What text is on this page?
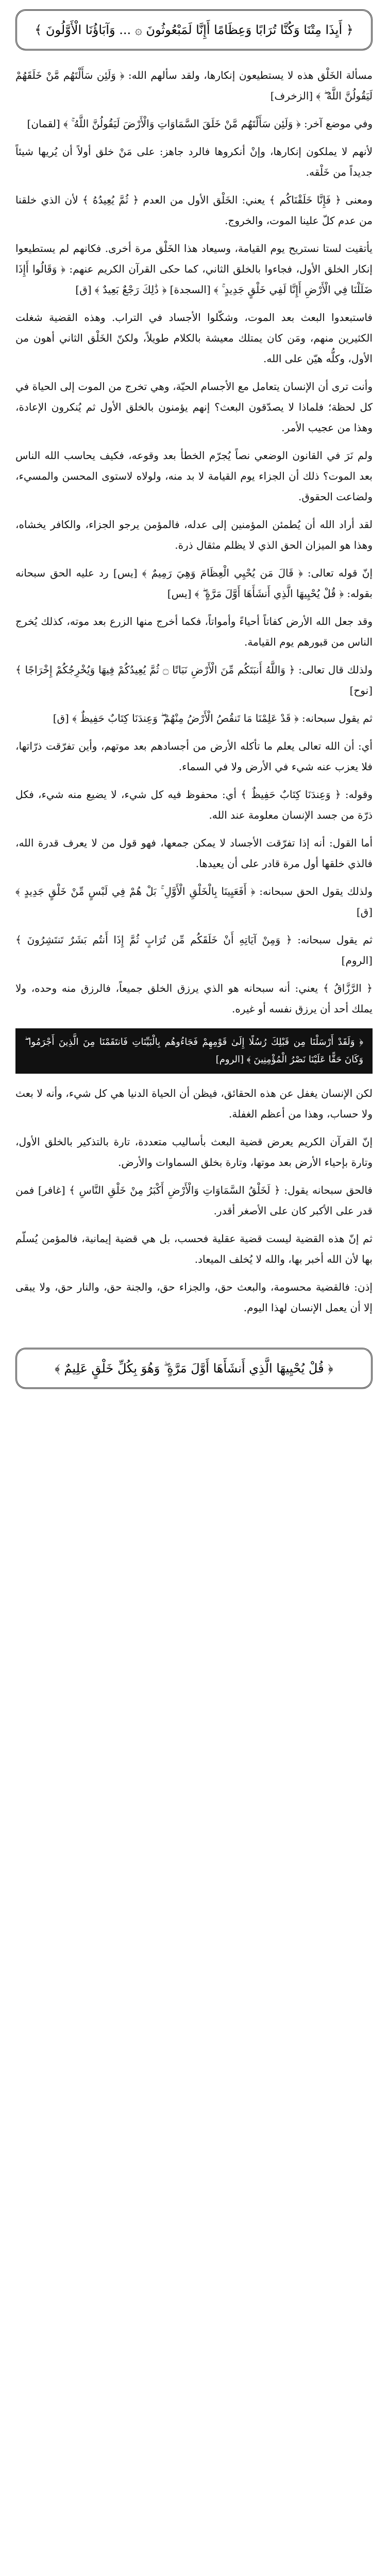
﴿ أَيِذَا مِتْنَا وَكُنَّا تُرَابًا وَعِظَامًا أَإِنَّا لَمَبْعُوثُونَ ۞ ... وَآبَاؤُنَا الْأَوَّلُونَ ﴾

مسألة الخَلْق هذه لا يستطيعون إنكارها، ولقد سألهم الله: ﴿ وَلَئِن سَأَلْتَهُم مَّنْ خَلَقَهُمْ لَيَقُولُنَّ اللَّهُ ۖ ﴾ [الزخرف]

وفي موضع آخر: ﴿ وَلَئِن سَأَلْتَهُم مَّنْ خَلَقَ السَّمَاوَاتِ وَالْأَرْضَ لَيَقُولُنَّ اللَّهُ ۚ ﴾ [لقمان]

لأنهم لا يملكون إنكارها، وإنْ أنكروها فالرد جاهز: على مَنْ خلق أولاً أن يُريها شيئاً جديداً من خَلْقه.

ومعنى ﴿ فَإِنَّا خَلَقْنَاكُم ﴾ يعني: الخَلْق الأول من العدم ﴿ ثُمَّ يُعِيدُهُ ﴾ لأن الذي خلقنا من عدم كلّ علينا الموت، والخروج.

يأتقيت لستا نستريح يوم القيامة، وسيعاد هذا الخَلْق مرة أخرى. فكانهم لم يستطيعوا إنكار الخلق الأول، فجاءوا بالخلق الثاني، كما حكى القرآن الكريم عنهم: ﴿ وَقَالُوا أَإِذَا ضَلَلْنَا فِي الْأَرْضِ أَإِنَّا لَفِي خَلْقٍ جَدِيدٍ ۚ ﴾ [السجدة] ﴿ ذَٰلِكَ رَجْعٌ بَعِيدٌ ﴾ [ق]

فاستبعدوا البعث بعد الموت، وشكّلوا الأجساد في التراب. وهذه القضية شغلت الكثيرين منهم، ومَن كان يمتلك معيشة بالكلام طويلاً، ولكنّ الخَلْق الثاني أهون من الأول، وكلُّه هيّن على الله.

وأنت ترى أن الإنسان يتعامل مع الأجسام الحيّة، وهي تخرج من الموت إلى الحياة في كل لحظة؛ فلماذا لا يصدّقون البعث؟ إنهم يؤمنون بالخلق الأول ثم يُنكرون الإعادة، وهذا من عجيب الأمر.

ولم نَرَ في القانون الوضعي نصاً يُجرّم الخطأ بعد وقوعه، فكيف يحاسب الله الناس بعد الموت؟ ذلك أن الجزاء يوم القيامة لا بد منه، ولولاه لاستوى المحسن والمسيء، ولضاعت الحقوق.

لقد أراد الله أن يُطمئن المؤمنين إلى عدله، فالمؤمن يرجو الجزاء، والكافر يخشاه، وهذا هو الميزان الحق الذي لا يظلم مثقال ذرة.

إنّ قوله تعالى: ﴿ قَالَ مَن يُحْيِي الْعِظَامَ وَهِيَ رَمِيمٌ ﴾ [يس] رد عليه الحق سبحانه بقوله: ﴿ قُلْ يُحْيِيهَا الَّذِي أَنشَأَهَا أَوَّلَ مَرَّةٍ ۖ ﴾ [يس]

وقد جعل الله الأرض كفاتاً أحياءً وأمواتاً، فكما أخرج منها الزرع بعد موته، كذلك يُخرج الناس من قبورهم يوم القيامة.

ولذلك قال تعالى: ﴿ وَاللَّهُ أَنبَتَكُم مِّنَ الْأَرْضِ نَبَاتًا ۝ ثُمَّ يُعِيدُكُمْ فِيهَا وَيُخْرِجُكُمْ إِخْرَاجًا ﴾ [نوح]

ثم يقول سبحانه: ﴿ قَدْ عَلِمْنَا مَا تَنقُصُ الْأَرْضُ مِنْهُمْ ۖ وَعِندَنَا كِتَابٌ حَفِيظٌ ﴾ [ق]

أي: أن الله تعالى يعلم ما تأكله الأرض من أجسادهم بعد موتهم، وأين تفرّقت ذرّاتها، فلا يعزب عنه شيء في الأرض ولا في السماء.

وقوله: ﴿ وَعِندَنَا كِتَابٌ حَفِيظٌ ﴾ أي: محفوظ فيه كل شيء، لا يضيع منه شيء، فكل ذرّة من جسد الإنسان معلومة عند الله.

أما القول: أنه إذا تفرّقت الأجساد لا يمكن جمعها، فهو قول من لا يعرف قدرة الله، فالذي خلقها أول مرة قادر على أن يعيدها.

ولذلك يقول الحق سبحانه: ﴿ أَفَعَيِينَا بِالْخَلْقِ الْأَوَّلِ ۚ بَلْ هُمْ فِي لَبْسٍ مِّنْ خَلْقٍ جَدِيدٍ ﴾ [ق]

ثم يقول سبحانه: ﴿ وَمِنْ آيَاتِهِ أَنْ خَلَقَكُم مِّن تُرَابٍ ثُمَّ إِذَا أَنتُم بَشَرٌ تَنتَشِرُونَ ﴾ [الروم]

﴿ الرَّزَّاقُ ﴾ يعني: أنه سبحانه هو الذي يرزق الخلق جميعاً، فالرزق منه وحده، ولا يملك أحد أن يرزق نفسه أو غيره.

﴿ وَلَقَدْ أَرْسَلْنَا مِن قَبْلِكَ رُسُلًا إِلَىٰ قَوْمِهِمْ فَجَاءُوهُم بِالْبَيِّنَاتِ فَانتَقَمْنَا مِنَ الَّذِينَ أَجْرَمُوا ۖ وَكَانَ حَقًّا عَلَيْنَا نَصْرُ الْمُؤْمِنِينَ ﴾ [الروم]

لكن الإنسان يغفل عن هذه الحقائق، فيظن أن الحياة الدنيا هي كل شيء، وأنه لا بعث ولا حساب، وهذا من أعظم الغفلة.

إنّ القرآن الكريم يعرض قضية البعث بأساليب متعددة، تارة بالتذكير بالخلق الأول، وتارة بإحياء الأرض بعد موتها، وتارة بخلق السماوات والأرض.

فالحق سبحانه يقول: ﴿ لَخَلْقُ السَّمَاوَاتِ وَالْأَرْضِ أَكْبَرُ مِنْ خَلْقِ النَّاسِ ﴾ [غافر] فمن قدر على الأكبر كان على الأصغر أقدر.

ثم إنّ هذه القضية ليست قضية عقلية فحسب، بل هي قضية إيمانية، فالمؤمن يُسلّم بها لأن الله أخبر بها، والله لا يُخلف الميعاد.

إذن: فالقضية محسومة، والبعث حق، والجزاء حق، والجنة حق، والنار حق، ولا يبقى إلا أن يعمل الإنسان لهذا اليوم.

﴿ قُلْ يُحْيِيهَا الَّذِي أَنشَأَهَا أَوَّلَ مَرَّةٍ ۖ وَهُوَ بِكُلِّ خَلْقٍ عَلِيمٌ ﴾
